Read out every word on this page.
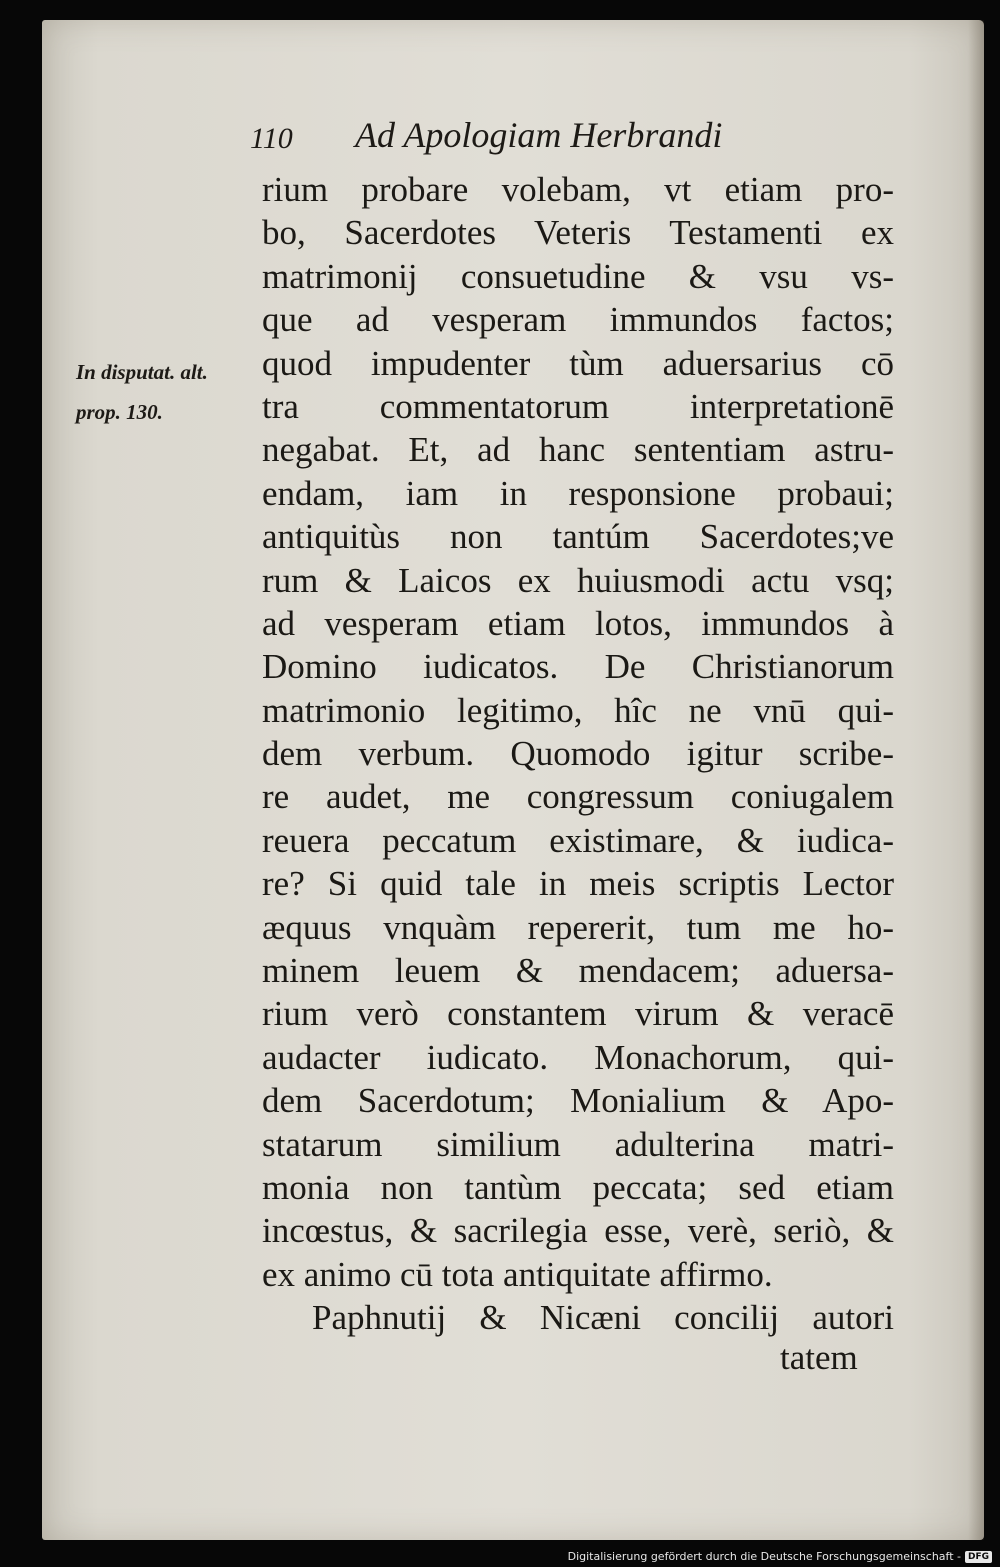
110 Ad Apologiam Herbrandi
In disputat. alt.
prop. 130.
rium probare volebam, vt etiam pro-
bo, Sacerdotes Veteris Testamenti ex
matrimonij consuetudine & vsu vs-
que ad vesperam immundos factos;
quod impudenter tùm aduersarius cō
tra commentatorum interpretationē
negabat. Et, ad hanc sententiam astru-
endam, iam in responsione probaui;
antiquitùs non tantúm Sacerdotes;ve
rum & Laicos ex huiusmodi actu vsq;
ad vesperam etiam lotos, immundos à
Domino iudicatos. De Christianorum
matrimonio legitimo, hîc ne vnū qui-
dem verbum. Quomodo igitur scribe-
re audet, me congressum coniugalem
reuera peccatum existimare, & iudica-
re? Si quid tale in meis scriptis Lector
æquus vnquàm repererit, tum me ho-
minem leuem & mendacem; aduersa-
rium verò constantem virum & veracē
audacter iudicato. Monachorum, qui-
dem Sacerdotum; Monialium & Apo-
statarum similium adulterina matri-
monia non tantùm peccata; sed etiam
incœstus, & sacrilegia esse, verè, seriò, &
ex animo cū tota antiquitate affirmo.
Paphnutij & Nicæni concilij autori
tatem
Digitalisierung gefördert durch die Deutsche Forschungsgemeinschaft - DFG
